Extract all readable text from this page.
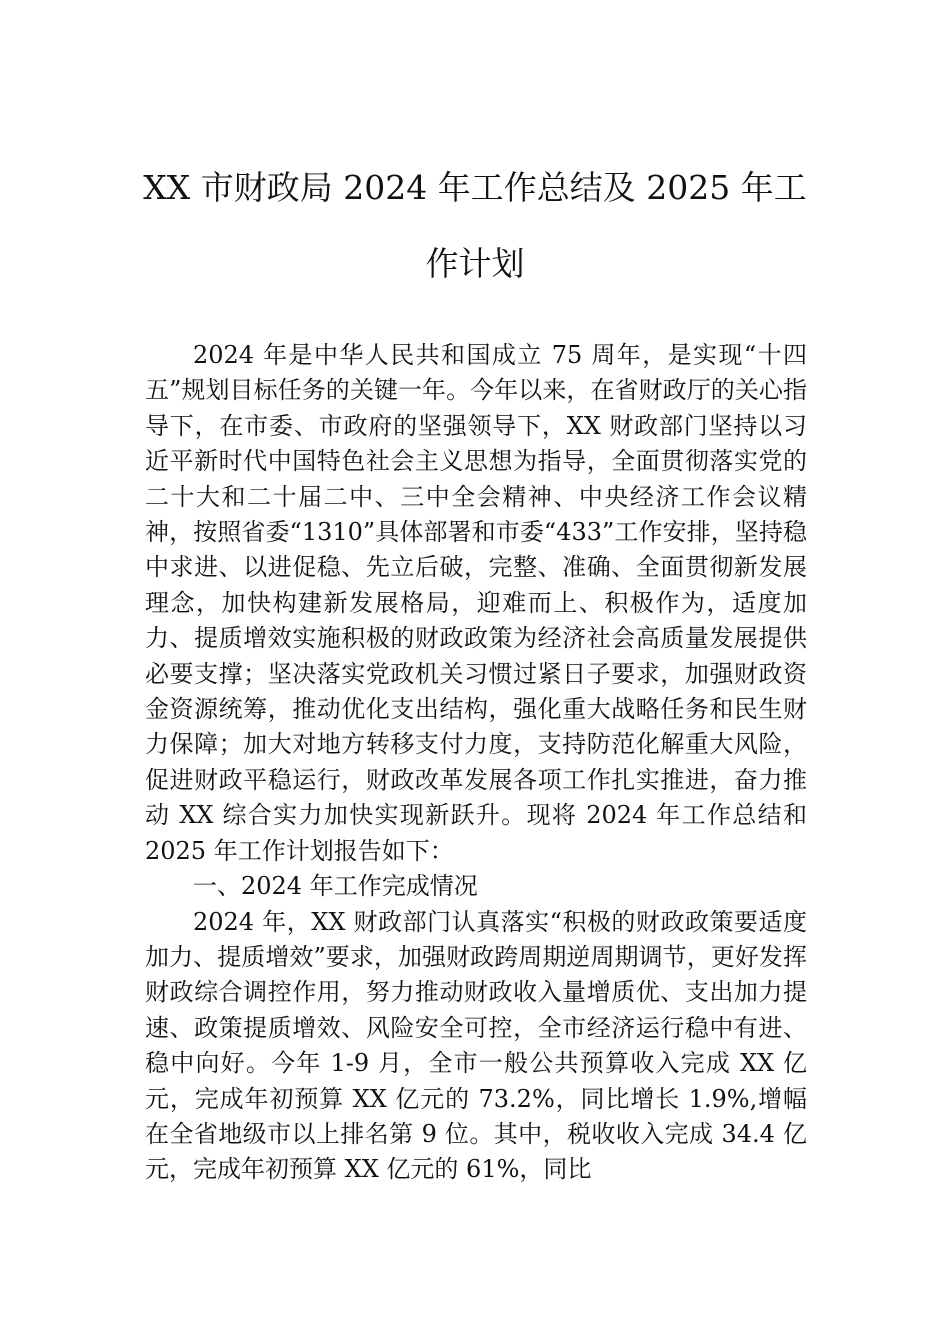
XX 市财政局 2024 年工作总结及 2025 年工作计划

2024 年是中华人民共和国成立 75 周年，是实现“十四五”规划目标任务的关键一年。今年以来，在省财政厅的关心指导下，在市委、市政府的坚强领导下，XX 财政部门坚持以习近平新时代中国特色社会主义思想为指导，全面贯彻落实党的二十大和二十届二中、三中全会精神、中央经济工作会议精神，按照省委“1310”具体部署和市委“433”工作安排，坚持稳中求进、以进促稳、先立后破，完整、准确、全面贯彻新发展理念，加快构建新发展格局，迎难而上、积极作为，适度加力、提质增效实施积极的财政政策为经济社会高质量发展提供必要支撑；坚决落实党政机关习惯过紧日子要求，加强财政资金资源统筹，推动优化支出结构，强化重大战略任务和民生财力保障；加大对地方转移支付力度，支持防范化解重大风险，促进财政平稳运行，财政改革发展各项工作扎实推进，奋力推动 XX 综合实力加快实现新跃升。现将 2024 年工作总结和 2025 年工作计划报告如下：

一、2024 年工作完成情况

2024 年，XX 财政部门认真落实“积极的财政政策要适度加力、提质增效”要求，加强财政跨周期逆周期调节，更好发挥财政综合调控作用，努力推动财政收入量增质优、支出加力提速、政策提质增效、风险安全可控，全市经济运行稳中有进、稳中向好。今年 1-9 月，全市一般公共预算收入完成 XX 亿元，完成年初预算 XX 亿元的 73.2%，同比增长 1.9%,增幅在全省地级市以上排名第 9 位。其中，税收收入完成 34.4 亿元，完成年初预算 XX 亿元的 61%，同比
